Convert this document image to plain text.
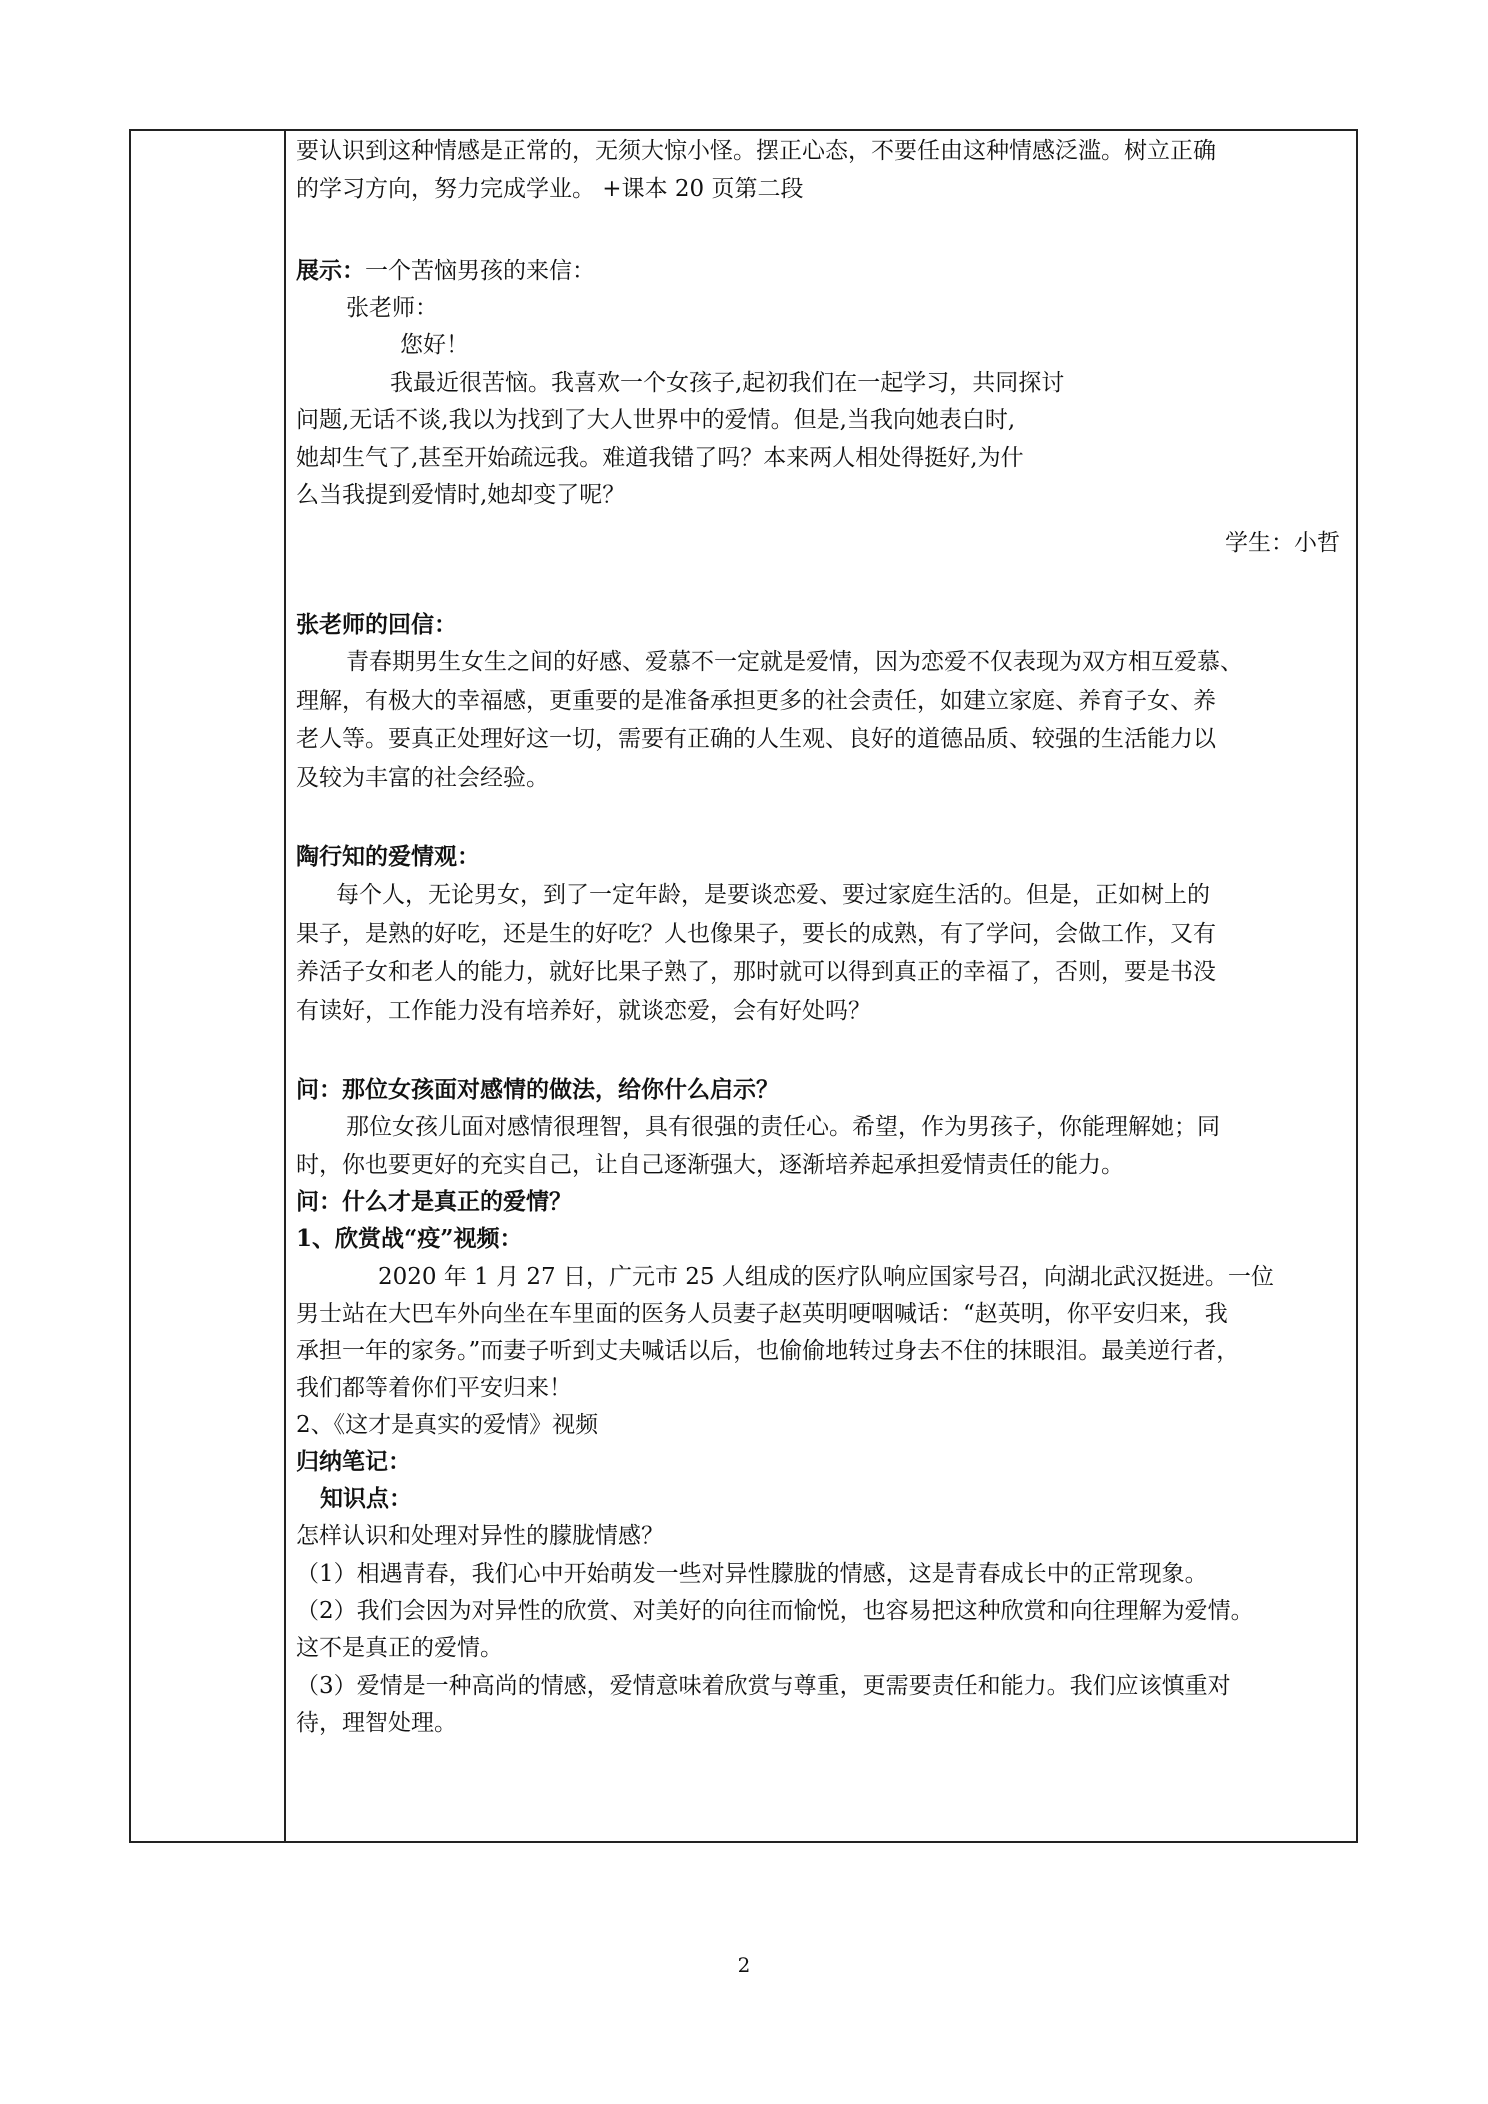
要认识到这种情感是正常的，无须大惊小怪。摆正心态，不要任由这种情感泛滥。树立正确
的学习方向，努力完成学业。 +课本 20 页第二段
展示：一个苦恼男孩的来信：
张老师：
您好！
我最近很苦恼。我喜欢一个女孩子,起初我们在一起学习，共同探讨
问题,无话不谈,我以为找到了大人世界中的爱情。但是,当我向她表白时,
她却生气了,甚至开始疏远我。难道我错了吗？本来两人相处得挺好,为什
么当我提到爱情时,她却变了呢？
学生：小哲
张老师的回信：
青春期男生女生之间的好感、爱慕不一定就是爱情，因为恋爱不仅表现为双方相互爱慕、
理解，有极大的幸福感，更重要的是准备承担更多的社会责任，如建立家庭、养育子女、养
老人等。要真正处理好这一切，需要有正确的人生观、良好的道德品质、较强的生活能力以
及较为丰富的社会经验。
陶行知的爱情观：
每个人，无论男女，到了一定年龄，是要谈恋爱、要过家庭生活的。但是，正如树上的
果子，是熟的好吃，还是生的好吃？人也像果子，要长的成熟，有了学问，会做工作，又有
养活子女和老人的能力，就好比果子熟了，那时就可以得到真正的幸福了，否则，要是书没
有读好，工作能力没有培养好，就谈恋爱，会有好处吗？
问：那位女孩面对感情的做法，给你什么启示？
那位女孩儿面对感情很理智，具有很强的责任心。希望，作为男孩子，你能理解她；同
时，你也要更好的充实自己，让自己逐渐强大，逐渐培养起承担爱情责任的能力。
问：什么才是真正的爱情？
1、欣赏战“疫”视频：
2020 年 1 月 27 日，广元市 25 人组成的医疗队响应国家号召，向湖北武汉挺进。一位
男士站在大巴车外向坐在车里面的医务人员妻子赵英明哽咽喊话：“赵英明，你平安归来，我
承担一年的家务。”而妻子听到丈夫喊话以后，也偷偷地转过身去不住的抹眼泪。最美逆行者，
我们都等着你们平安归来！
2、《这才是真实的爱情》视频
归纳笔记：
知识点：
怎样认识和处理对异性的朦胧情感？
（1）相遇青春，我们心中开始萌发一些对异性朦胧的情感，这是青春成长中的正常现象。
（2）我们会因为对异性的欣赏、对美好的向往而愉悦，也容易把这种欣赏和向往理解为爱情。
这不是真正的爱情。
（3）爱情是一种高尚的情感，爱情意味着欣赏与尊重，更需要责任和能力。我们应该慎重对
待，理智处理。
2
